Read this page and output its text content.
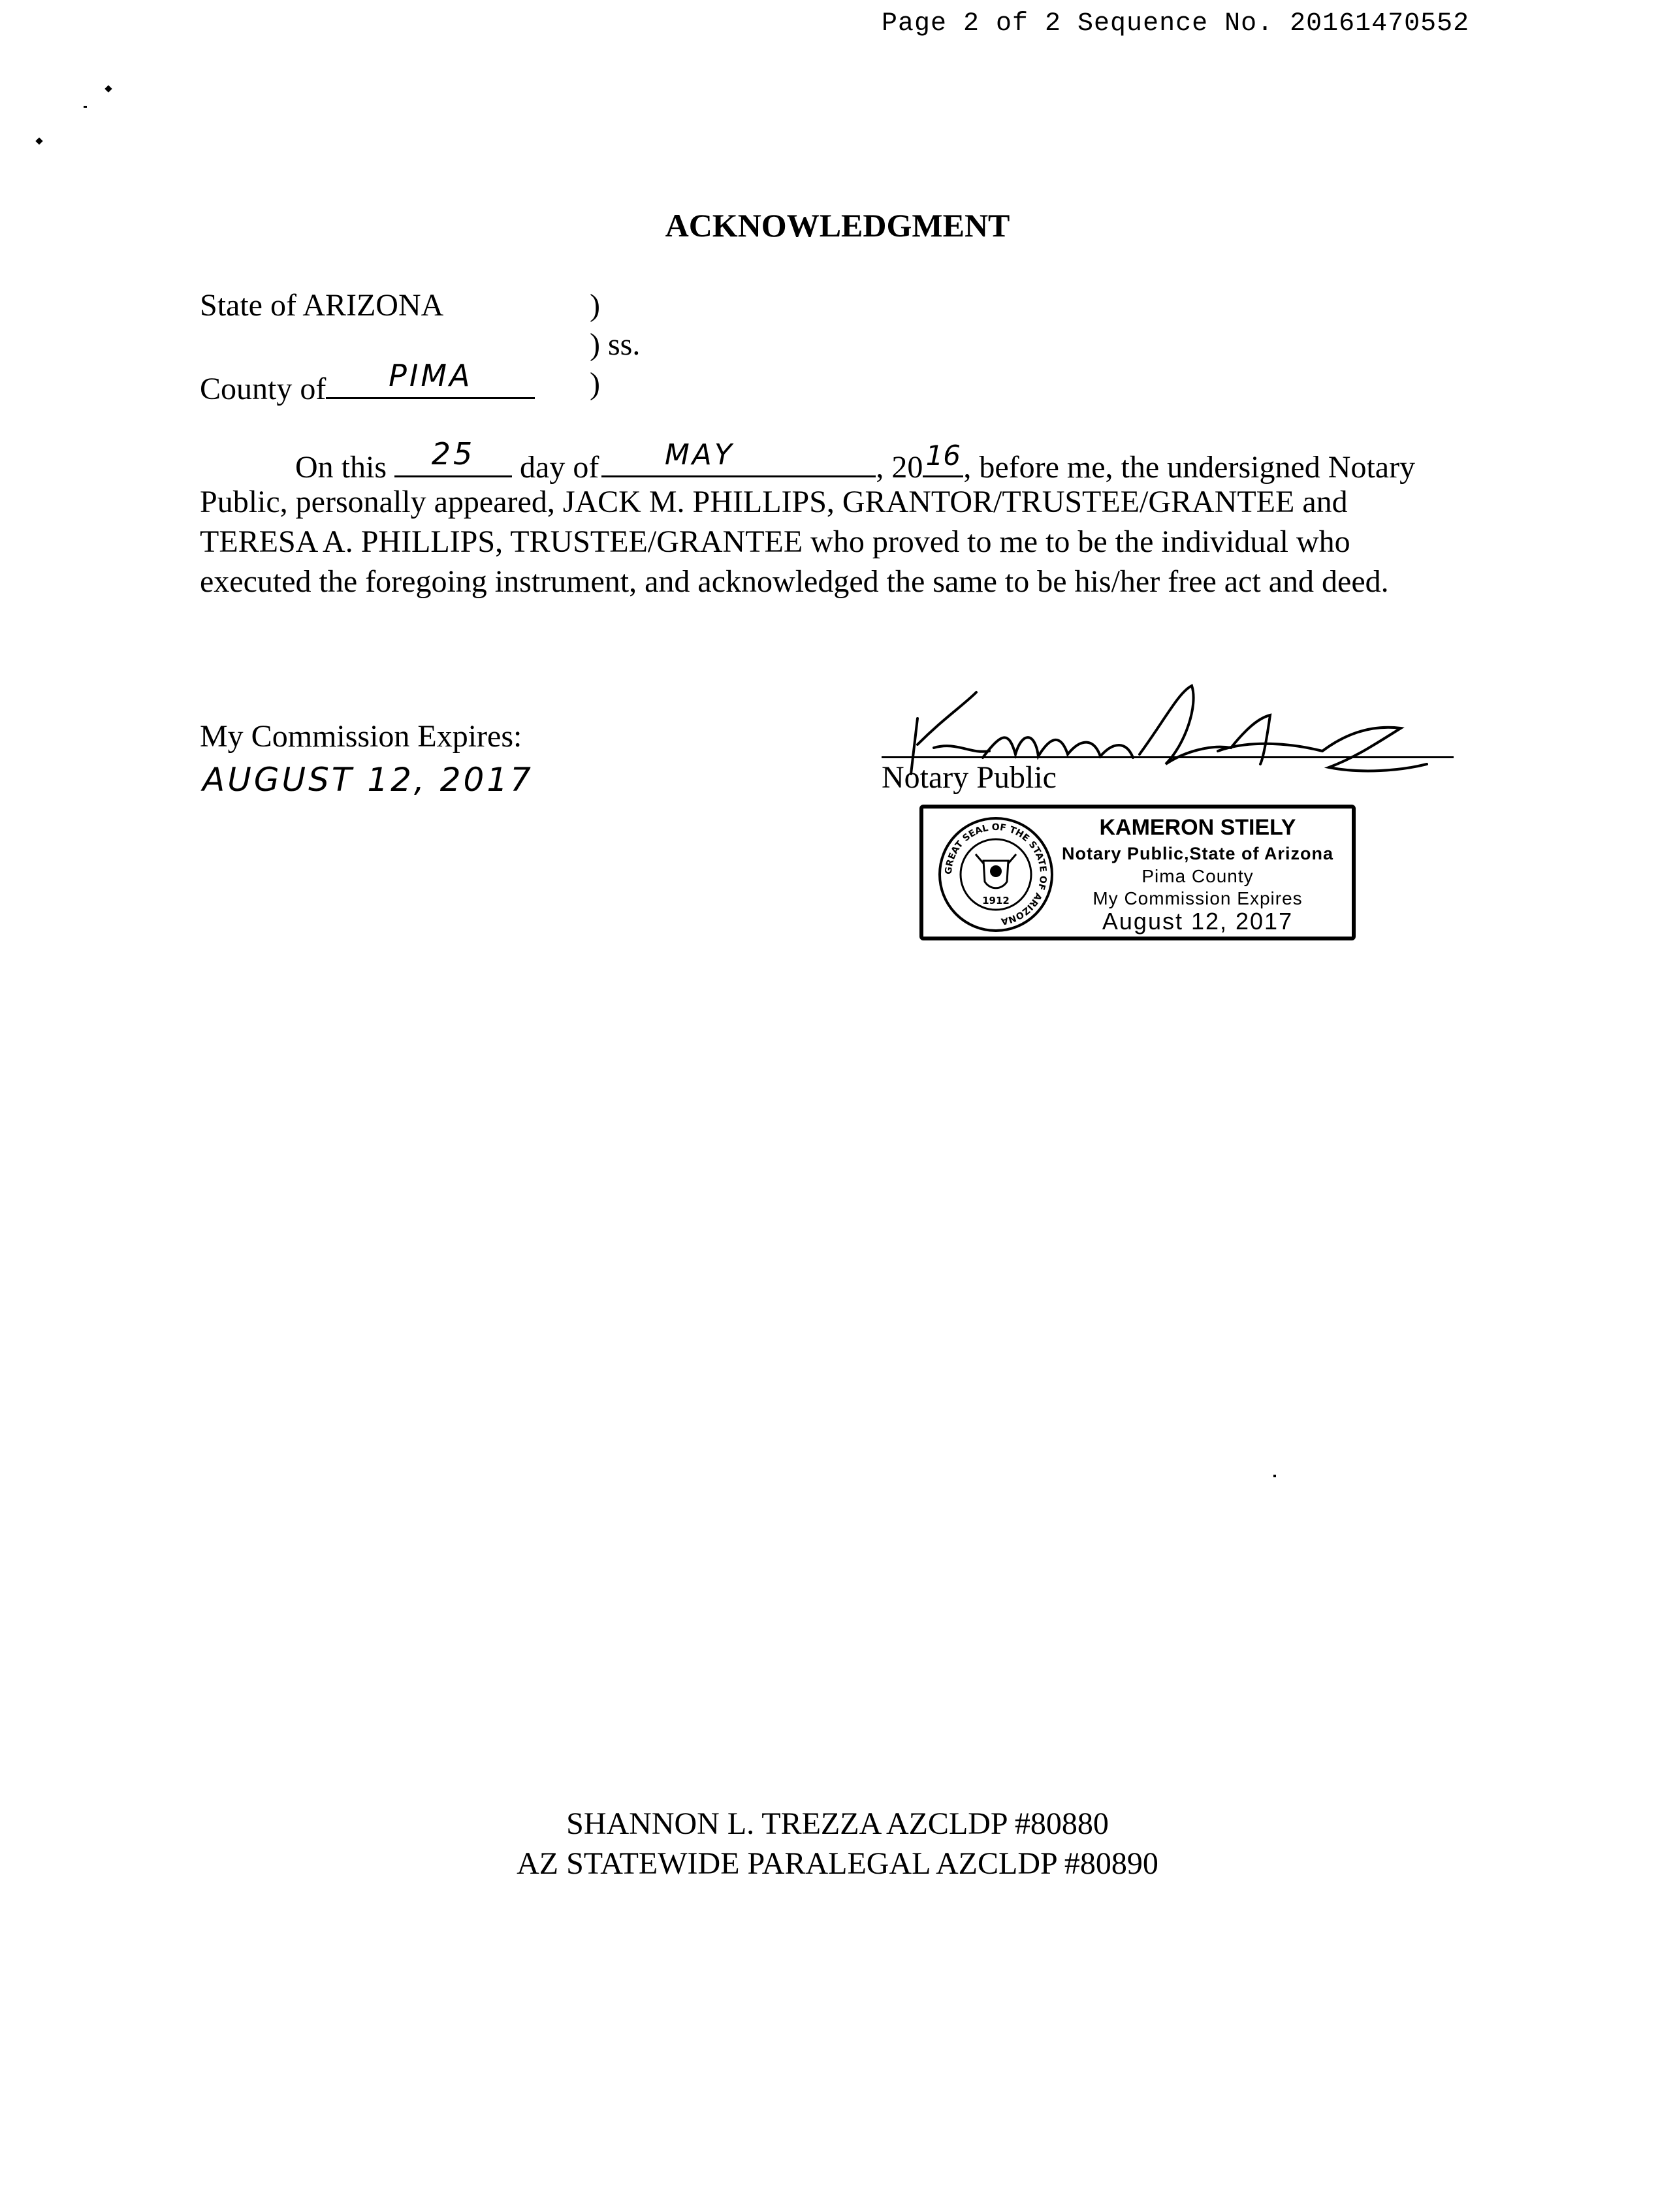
Page 2 of 2 Sequence No. 20161470552
ACKNOWLEDGMENT
State of ARIZONA	)
) ss.
County of	PIMA	)
On this	25	day of	MAY	, 20 16 , before me, the undersigned Notary
Public, personally appeared, JACK M. PHILLIPS, GRANTOR/TRUSTEE/GRANTEE and
TERESA A. PHILLIPS, TRUSTEE/GRANTEE who proved to me to be the individual who
executed the foregoing instrument, and acknowledged the same to be his/her free act and deed.
My Commission Expires:
AUGUST 12, 2017	Notary Public
GREAT SEAL OF THE STATE OF ARIZONA
1912
KAMERON STIELY
Notary Public,State of Arizona
Pima County
My Commission Expires
August 12, 2017
SHANNON L. TREZZA AZCLDP #80880
AZ STATEWIDE PARALEGAL AZCLDP #80890
